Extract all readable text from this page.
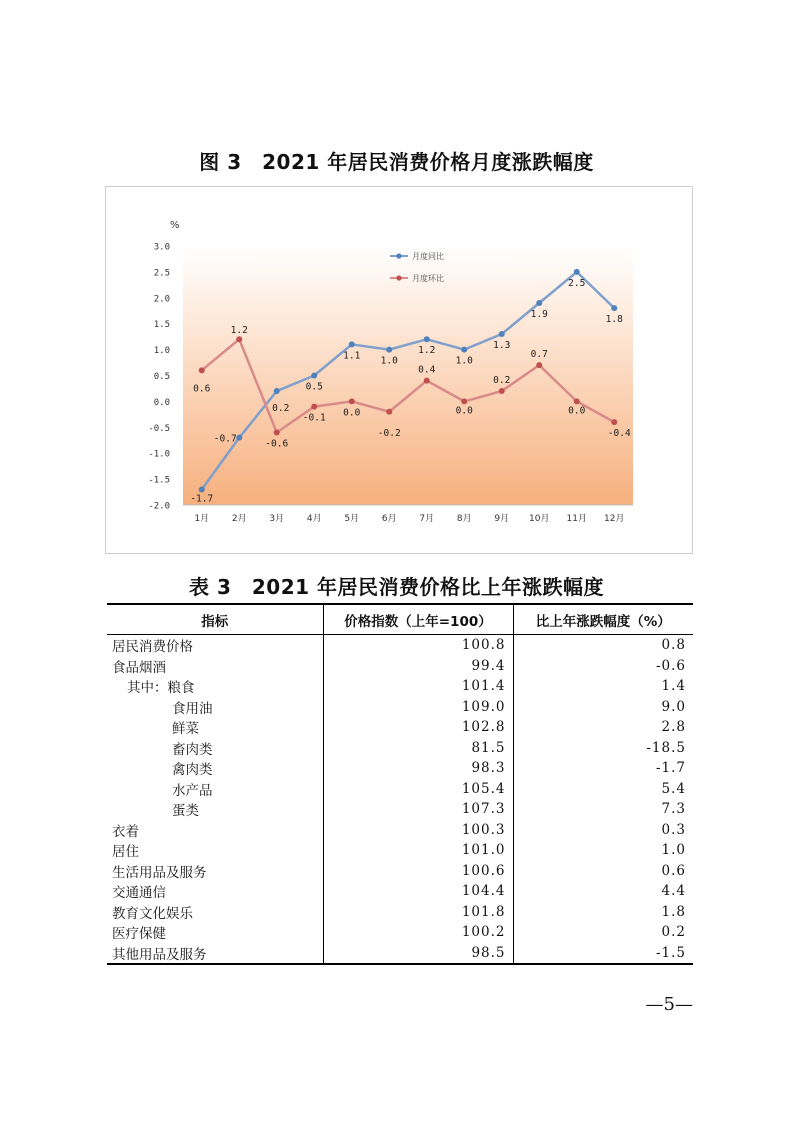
图 3　2021 年居民消费价格月度涨跌幅度
%
-2.0
-1.5
-1.0
-0.5
0.0
0.5
1.0
1.5
2.0
2.5
3.0
1月	2月	3月	4月	5月	6月	7月	8月	9月 10月 11月 12月
-1.7
-0.7
0.2
0.5
1.1 1.0
1.2
1.0
1.3
1.9
2.5
1.8
0.6
1.2
-0.6
-0.1 0.0
-0.2
0.4
0.0
0.2
0.7
0.0
-0.4
月度同比
月度环比
表 3　2021 年居民消费价格比上年涨跌幅度
指标	价格指数（上年=100）	比上年涨跌幅度（%）
居民消费价格	100.8	0.8
食品烟酒	99.4	-0.6
其中：粮食	101.4	1.4
食用油	109.0	9.0
鲜菜	102.8	2.8
畜肉类	81.5	-18.5
禽肉类	98.3	-1.7
水产品	105.4	5.4
蛋类	107.3	7.3
衣着	100.3	0.3
居住	101.0	1.0
生活用品及服务	100.6	0.6
交通通信	104.4	4.4
教育文化娱乐	101.8	1.8
医疗保健	100.2	0.2
其他用品及服务	98.5	-1.5
—5—
